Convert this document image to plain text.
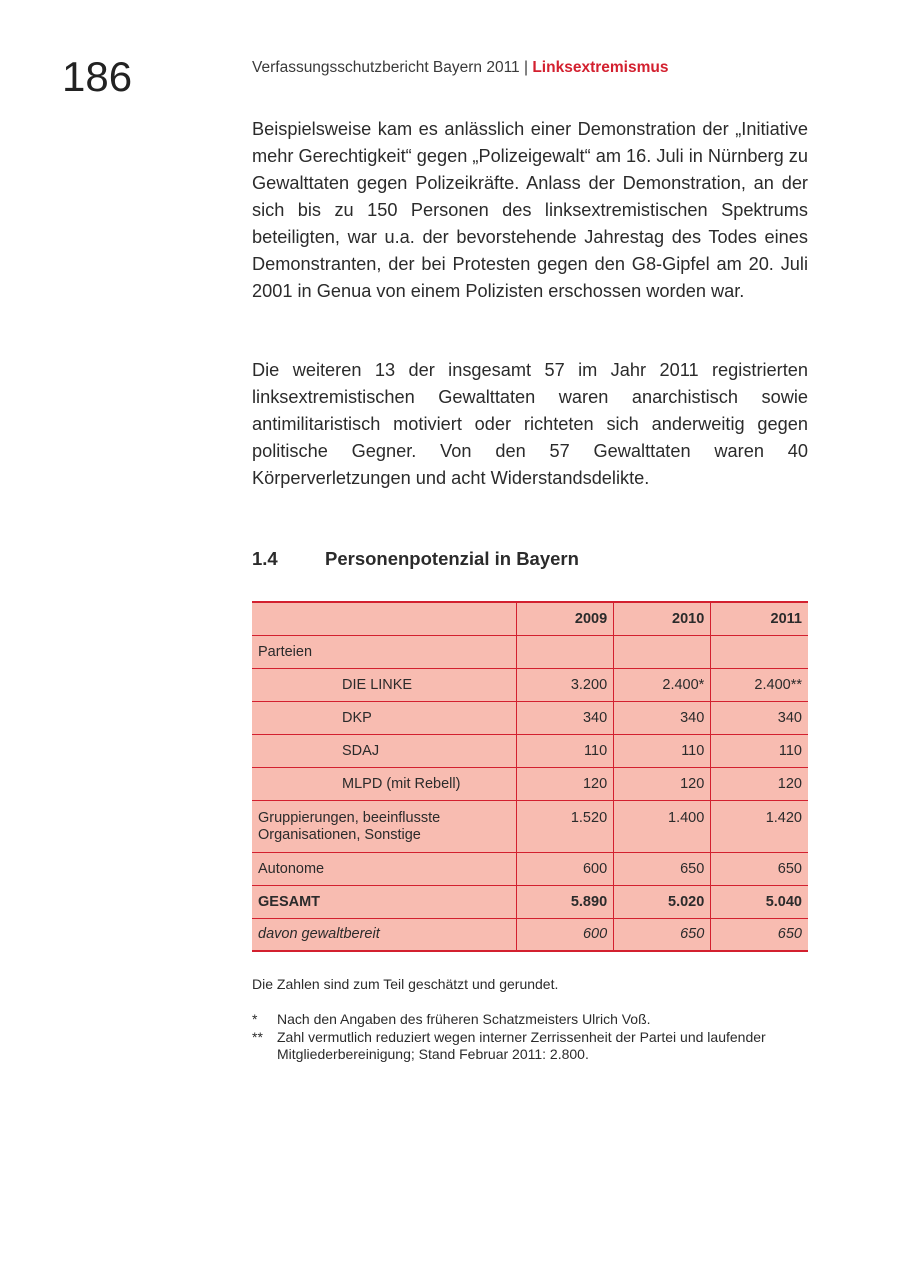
186	Verfassungsschutzbericht Bayern 2011 | Linksextremismus

Beispielsweise kam es anlässlich einer Demonstration der „Initiative mehr Gerechtigkeit“ gegen „Polizeigewalt“ am 16. Juli in Nürnberg zu Gewalttaten gegen Polizeikräfte. Anlass der Demonstration, an der sich bis zu 150 Personen des linksextremistischen Spektrums beteiligten, war u.a. der bevorstehende Jahrestag des Todes eines Demonstranten, der bei Protesten gegen den G8-Gipfel am 20. Juli 2001 in Genua von einem Polizisten erschossen worden war.

Die weiteren 13 der insgesamt 57 im Jahr 2011 registrierten linksextremistischen Gewalttaten waren anarchistisch sowie antimilitaristisch motiviert oder richteten sich anderweitig gegen politische Gegner. Von den 57 Gewalttaten waren 40 Körperverletzungen und acht Widerstandsdelikte.

1.4	Personenpotenzial in Bayern
	2009	2010	2011
Parteien			
DIE LINKE	3.200	2.400*	2.400**
DKP	340	340	340
SDAJ	110	110	110
MLPD (mit Rebell)	120	120	120
Gruppierungen, beeinflusste
Organisationen, Sonstige	1.520	1.400	1.420
Autonome	600	650	650
GESAMT	5.890	5.020	5.040
davon gewaltbereit	600	650	650
Die Zahlen sind zum Teil geschätzt und gerundet.
*	Nach den Angaben des früheren Schatzmeisters Ulrich Voß.
**	Zahl vermutlich reduziert wegen interner Zerrissenheit der Partei und laufender Mitgliederbereinigung; Stand Februar 2011: 2.800.
